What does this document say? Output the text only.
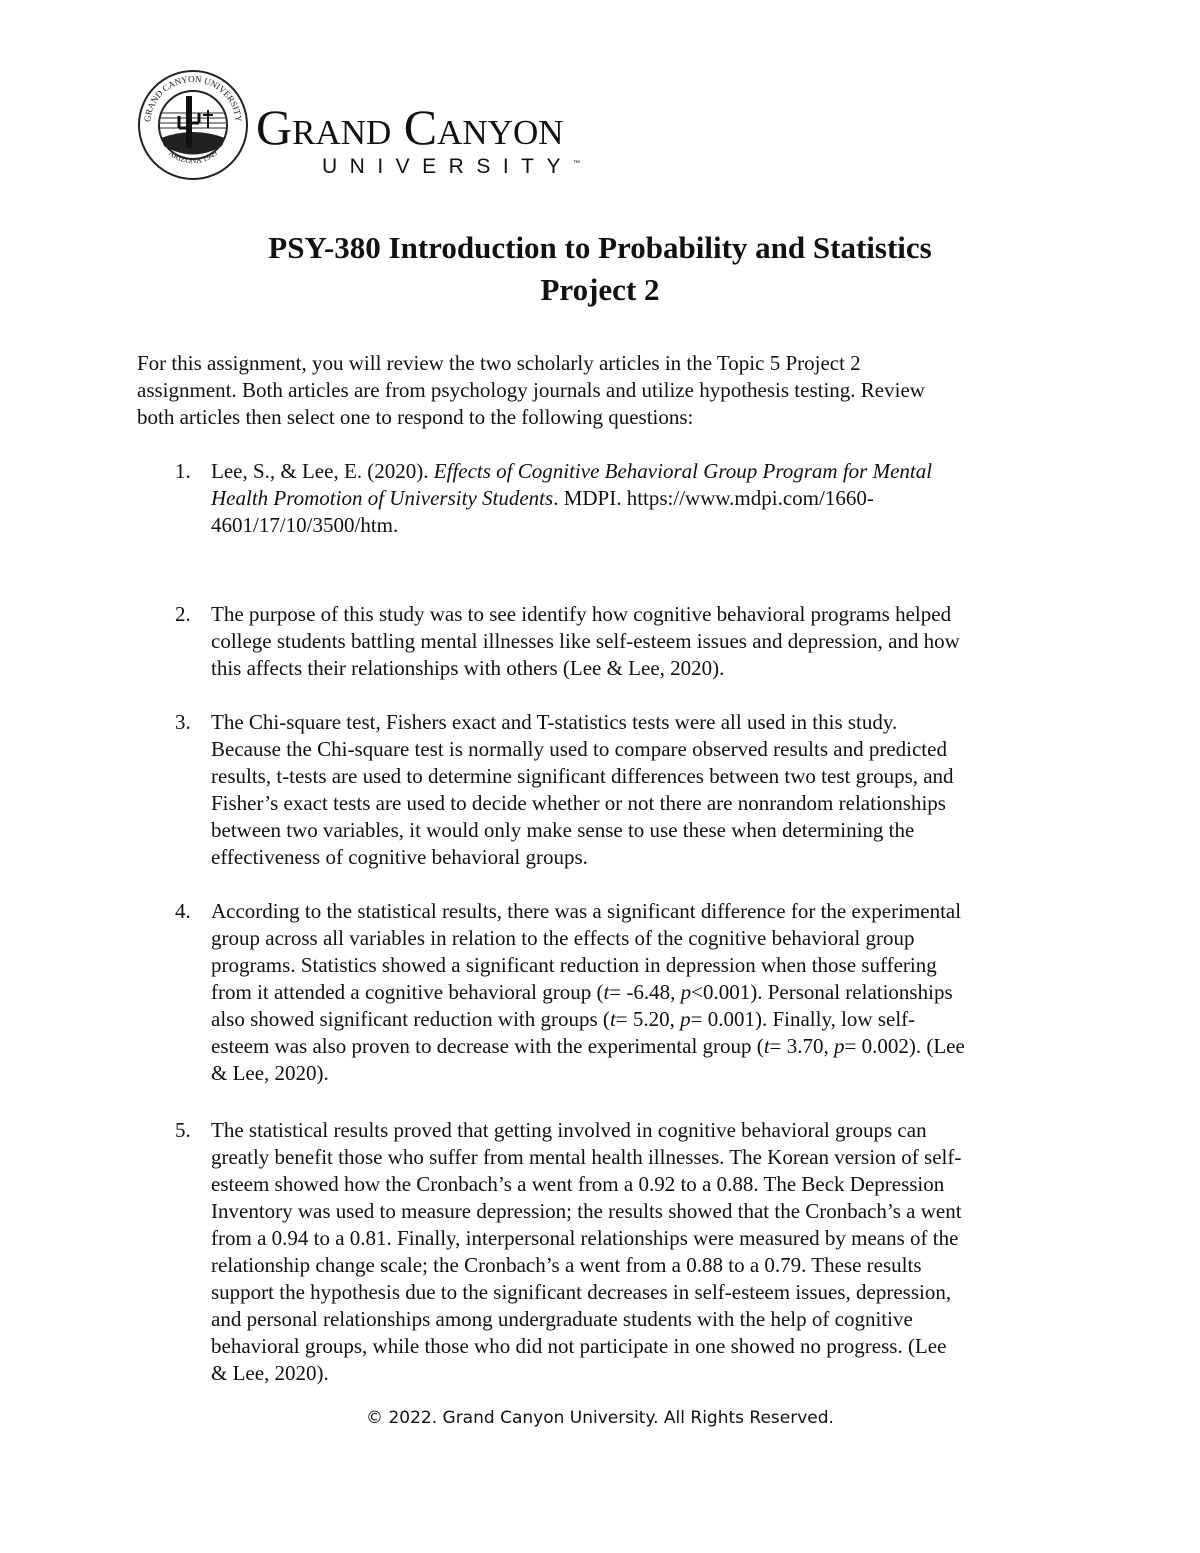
GRAND CANYON UNIVERSITY
ARIZONA 1949 Grand Canyon
UNIVERSITY™
PSY-380 Introduction to Probability and Statistics
Project 2
For this assignment, you will review the two scholarly articles in the Topic 5 Project 2
assignment. Both articles are from psychology journals and utilize hypothesis testing. Review
both articles then select one to respond to the following questions:
1. Lee, S., & Lee, E. (2020). Effects of Cognitive Behavioral Group Program for Mental
Health Promotion of University Students. MDPI. https://www.mdpi.com/1660-
4601/17/10/3500/htm.
2. The purpose of this study was to see identify how cognitive behavioral programs helped
college students battling mental illnesses like self-esteem issues and depression, and how
this affects their relationships with others (Lee & Lee, 2020).
3. The Chi-square test, Fishers exact and T-statistics tests were all used in this study.
Because the Chi-square test is normally used to compare observed results and predicted
results, t-tests are used to determine significant differences between two test groups, and
Fisher’s exact tests are used to decide whether or not there are nonrandom relationships
between two variables, it would only make sense to use these when determining the
effectiveness of cognitive behavioral groups.
4. According to the statistical results, there was a significant difference for the experimental
group across all variables in relation to the effects of the cognitive behavioral group
programs. Statistics showed a significant reduction in depression when those suffering
from it attended a cognitive behavioral group (t= -6.48, p<0.001). Personal relationships
also showed significant reduction with groups (t= 5.20, p= 0.001). Finally, low self-
esteem was also proven to decrease with the experimental group (t= 3.70, p= 0.002). (Lee
& Lee, 2020).
5. The statistical results proved that getting involved in cognitive behavioral groups can
greatly benefit those who suffer from mental health illnesses. The Korean version of self-
esteem showed how the Cronbach’s a went from a 0.92 to a 0.88. The Beck Depression
Inventory was used to measure depression; the results showed that the Cronbach’s a went
from a 0.94 to a 0.81. Finally, interpersonal relationships were measured by means of the
relationship change scale; the Cronbach’s a went from a 0.88 to a 0.79. These results
support the hypothesis due to the significant decreases in self-esteem issues, depression,
and personal relationships among undergraduate students with the help of cognitive
behavioral groups, while those who did not participate in one showed no progress. (Lee
& Lee, 2020).
© 2022. Grand Canyon University. All Rights Reserved.
